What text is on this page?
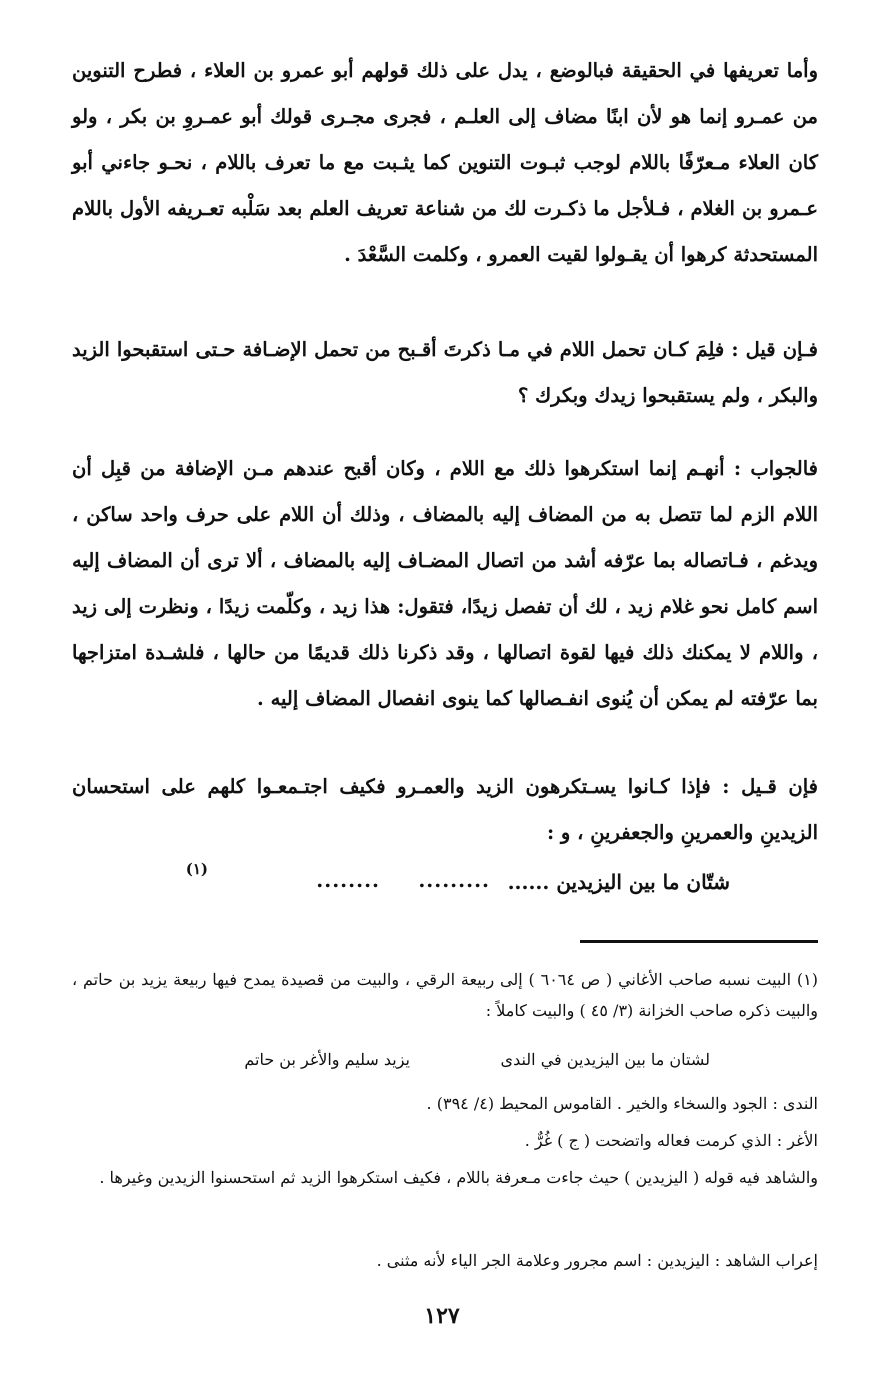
وأما تعريفها في الحقيقة فبالوضع ، يدل على ذلك قولهم أبو عمرو بن العلاء ، فطرح التنوين من عمـرو إنما هو لأن ابنًا مضاف إلى العلـم ، فجرى مجـرى قولك أبو عمـروِ بن بكر ، ولو كان العلاء مـعرّفًا باللام لوجب ثبـوت التنوين كما يثـبت مع ما تعرف باللام ، نحـو جاءني أبو عـمرو بن الغلام ، فـلأجل ما ذكـرت لك من شناعة تعريف العلم بعد سَلْبه تعـريفه الأول باللام المستحدثة كرهوا أن يقـولوا لقيت العمرو ، وكلمت السَّعْدَ .

فـإن قيل : فلِمَ كـان تحمل اللام في مـا ذكرتَ أقـبح من تحمل الإضـافة حـتى استقبحوا الزيد والبكر ، ولم يستقبحوا زيدك وبكرك ؟

فالجواب : أنهـم إنما استكرهوا ذلك مع اللام ، وكان أقبح عندهم مـن الإضافة من قبِل أن اللام الزم لما تتصل به من المضاف إليه بالمضاف ، وذلك أن اللام على حرف واحد ساكن ، ويدغم ، فـاتصاله بما عرّفه أشد من اتصال المضـاف إليه بالمضاف ، ألا ترى أن المضاف إليه اسم كامل نحو غلام زيد ، لك أن تفصل زيدًا، فتقول: هذا زيد ، وكلّمت زيدًا ، ونظرت إلى زيد ، واللام لا يمكنك ذلك فيها لقوة اتصالها ، وقد ذكرنا ذلك قديمًا من حالها ، فلشـدة امتزاجها بما عرّفته لم يمكن أن يُنوى انفـصالها كما ينوى انفصال المضاف إليه .

فإن قـيل : فإذا كـانوا يسـتكرهون الزيد والعمـرو فكيف اجتـمعـوا كلهم على استحسان الزيدينِ والعمرينِ والجعفرينِ ، و :

شتّان ما بين اليزيدين ......
........ .........
(١)

(١) البيت نسبه صاحب الأغاني ( ص ٦٠٦٤ ) إلى ربيعة الرقي ، والبيت من قصيدة يمدح فيها ربيعة يزيد بن حاتم ، والبيت ذكره صاحب الخزانة (٣/ ٤٥ ) والبيت كاملاً :

لشتان ما بين اليزيدين في الندى
يزيد سليم والأغر بن حاتم

الندى : الجود والسخاء والخير . القاموس المحيط (٤/ ٣٩٤) .

الأغر : الذي كرمت فعاله واتضحت ( ج ) غُرٌّ .

والشاهد فيه قوله ( اليزيدين ) حيث جاءت مـعرفة باللام ، فكيف استكرهوا الزيد ثم استحسنوا الزيدين وغيرها .

إعراب الشاهد : اليزيدين : اسم مجرور وعلامة الجر الياء لأنه مثنى .

١٢٧
